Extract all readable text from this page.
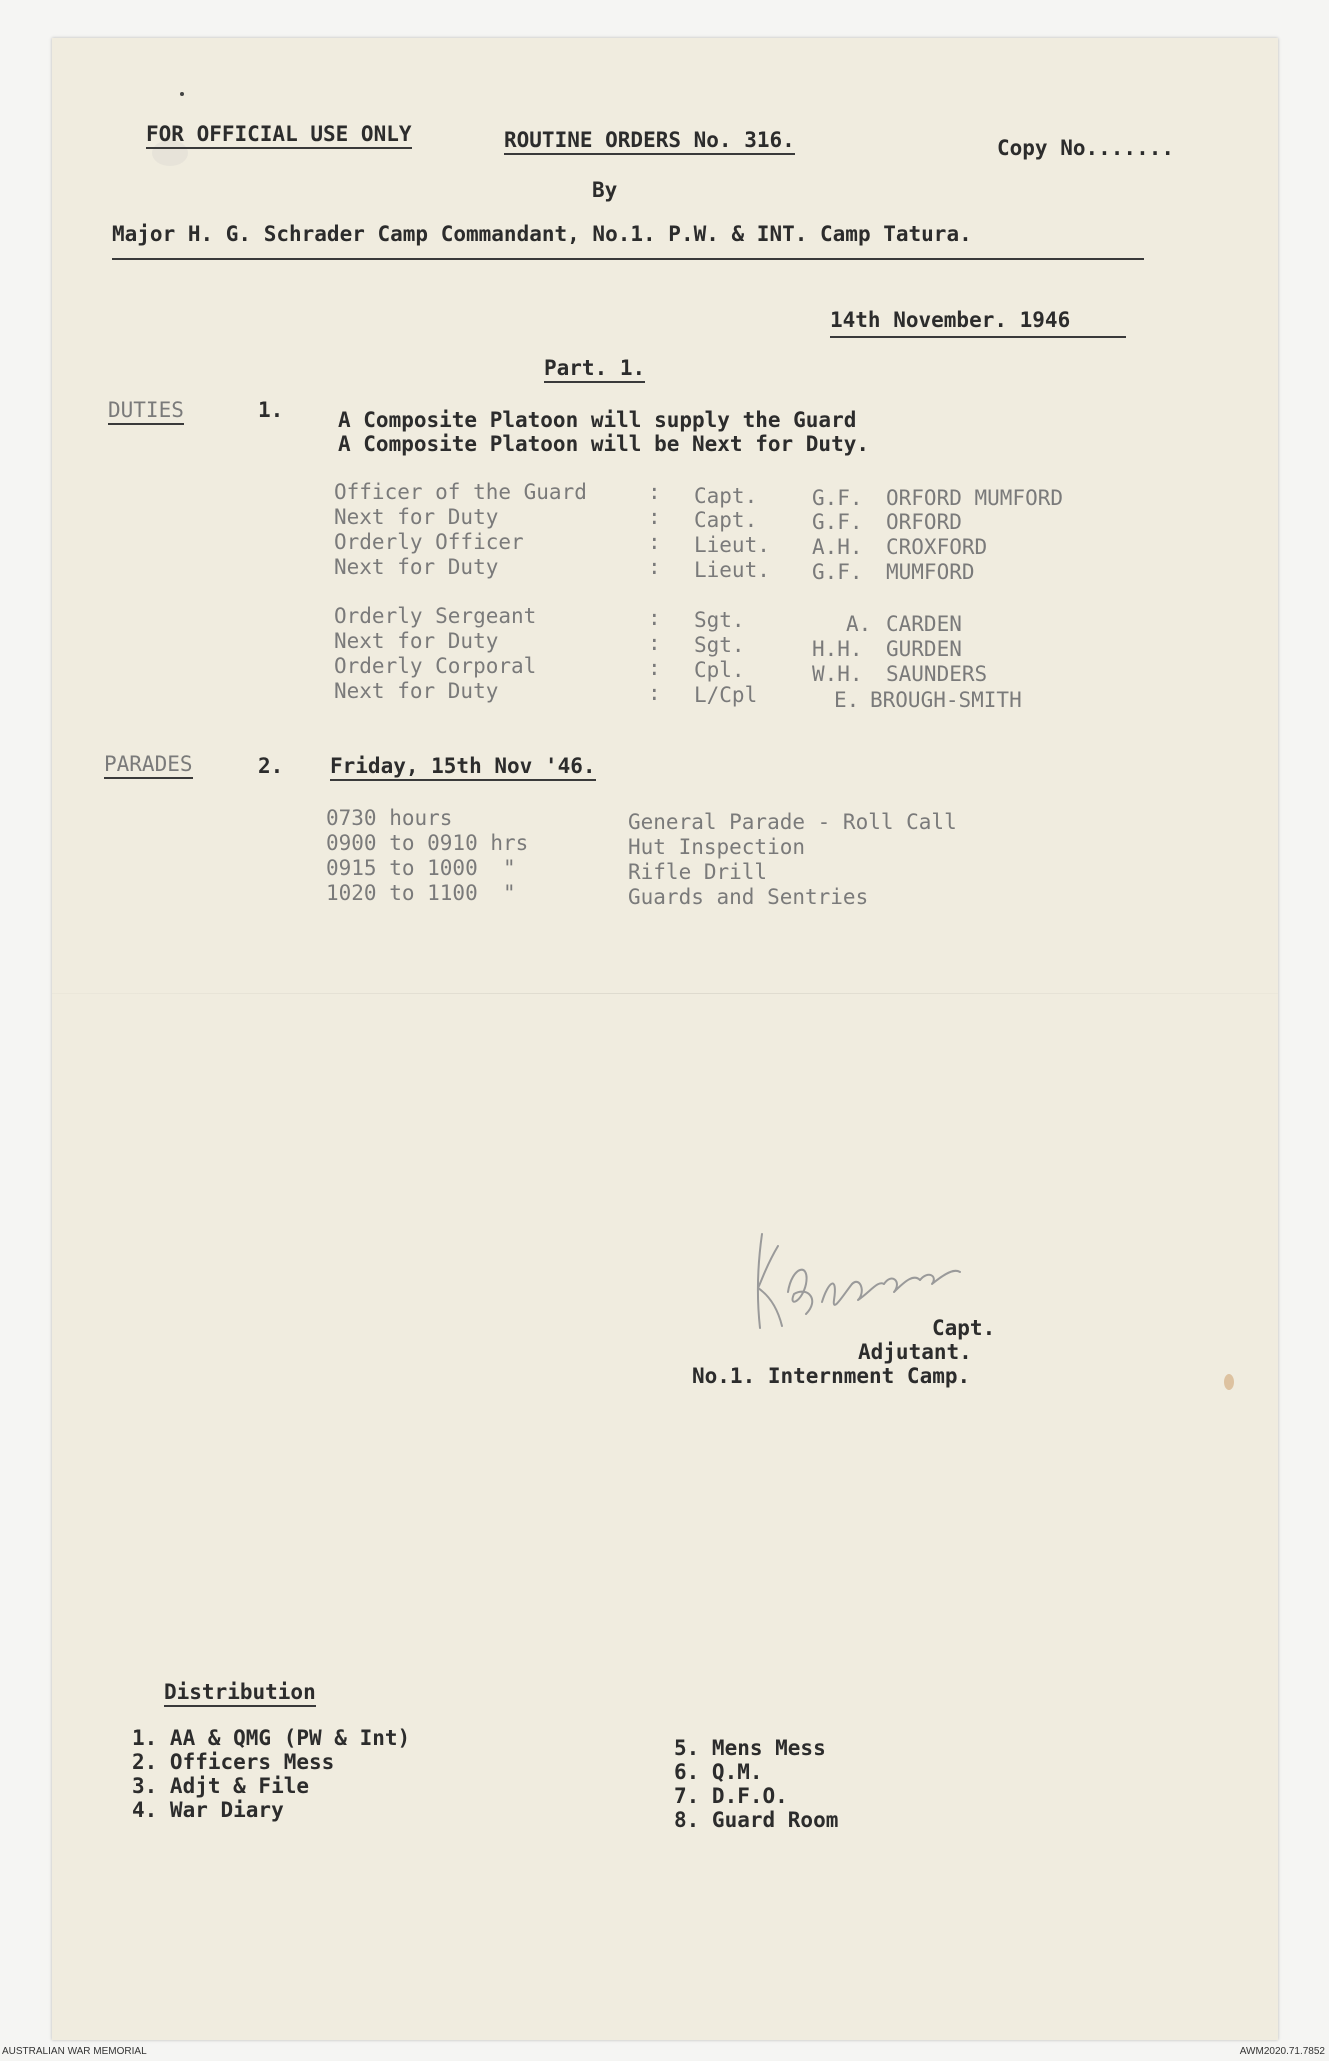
FOR OFFICIAL USE ONLY	ROUTINE ORDERS No. 316.	Copy No.......
By
Major H. G. Schrader Camp Commandant, No.1. P.W. & INT. Camp Tatura.
14th November. 1946
Part. 1.
DUTIES	1.	A Composite Platoon will supply the Guard
A Composite Platoon will be Next for Duty.
Officer of the Guard	: Capt.	G.F. ORFORD MUMFORD
Next for Duty	: Capt.	G.F. ORFORD
Orderly Officer	: Lieut. A.H. CROXFORD
Next for Duty	: Lieut. G.F. MUMFORD
Orderly Sergeant	: Sgt.	A. CARDEN
Next for Duty	: Sgt.	H.H. GURDEN
Orderly Corporal	: Cpl.	W.H. SAUNDERS
Next for Duty	: L/Cpl	E. BROUGH-SMITH
PARADES	2. Friday, 15th Nov '46.
0730 hours	General Parade - Roll Call
0900 to 0910 hrs	Hut Inspection
0915 to 1000  "	Rifle Drill
1020 to 1100  "	Guards and Sentries
Capt.
Adjutant.
No.1. Internment Camp.
Distribution
1. AA & QMG (PW & Int)
2. Officers Mess
3. Adjt & File
4. War Diary
5. Mens Mess
6. Q.M.
7. D.F.O.
8. Guard Room
AUSTRALIAN WAR MEMORIAL	AWM2020.71.7852
